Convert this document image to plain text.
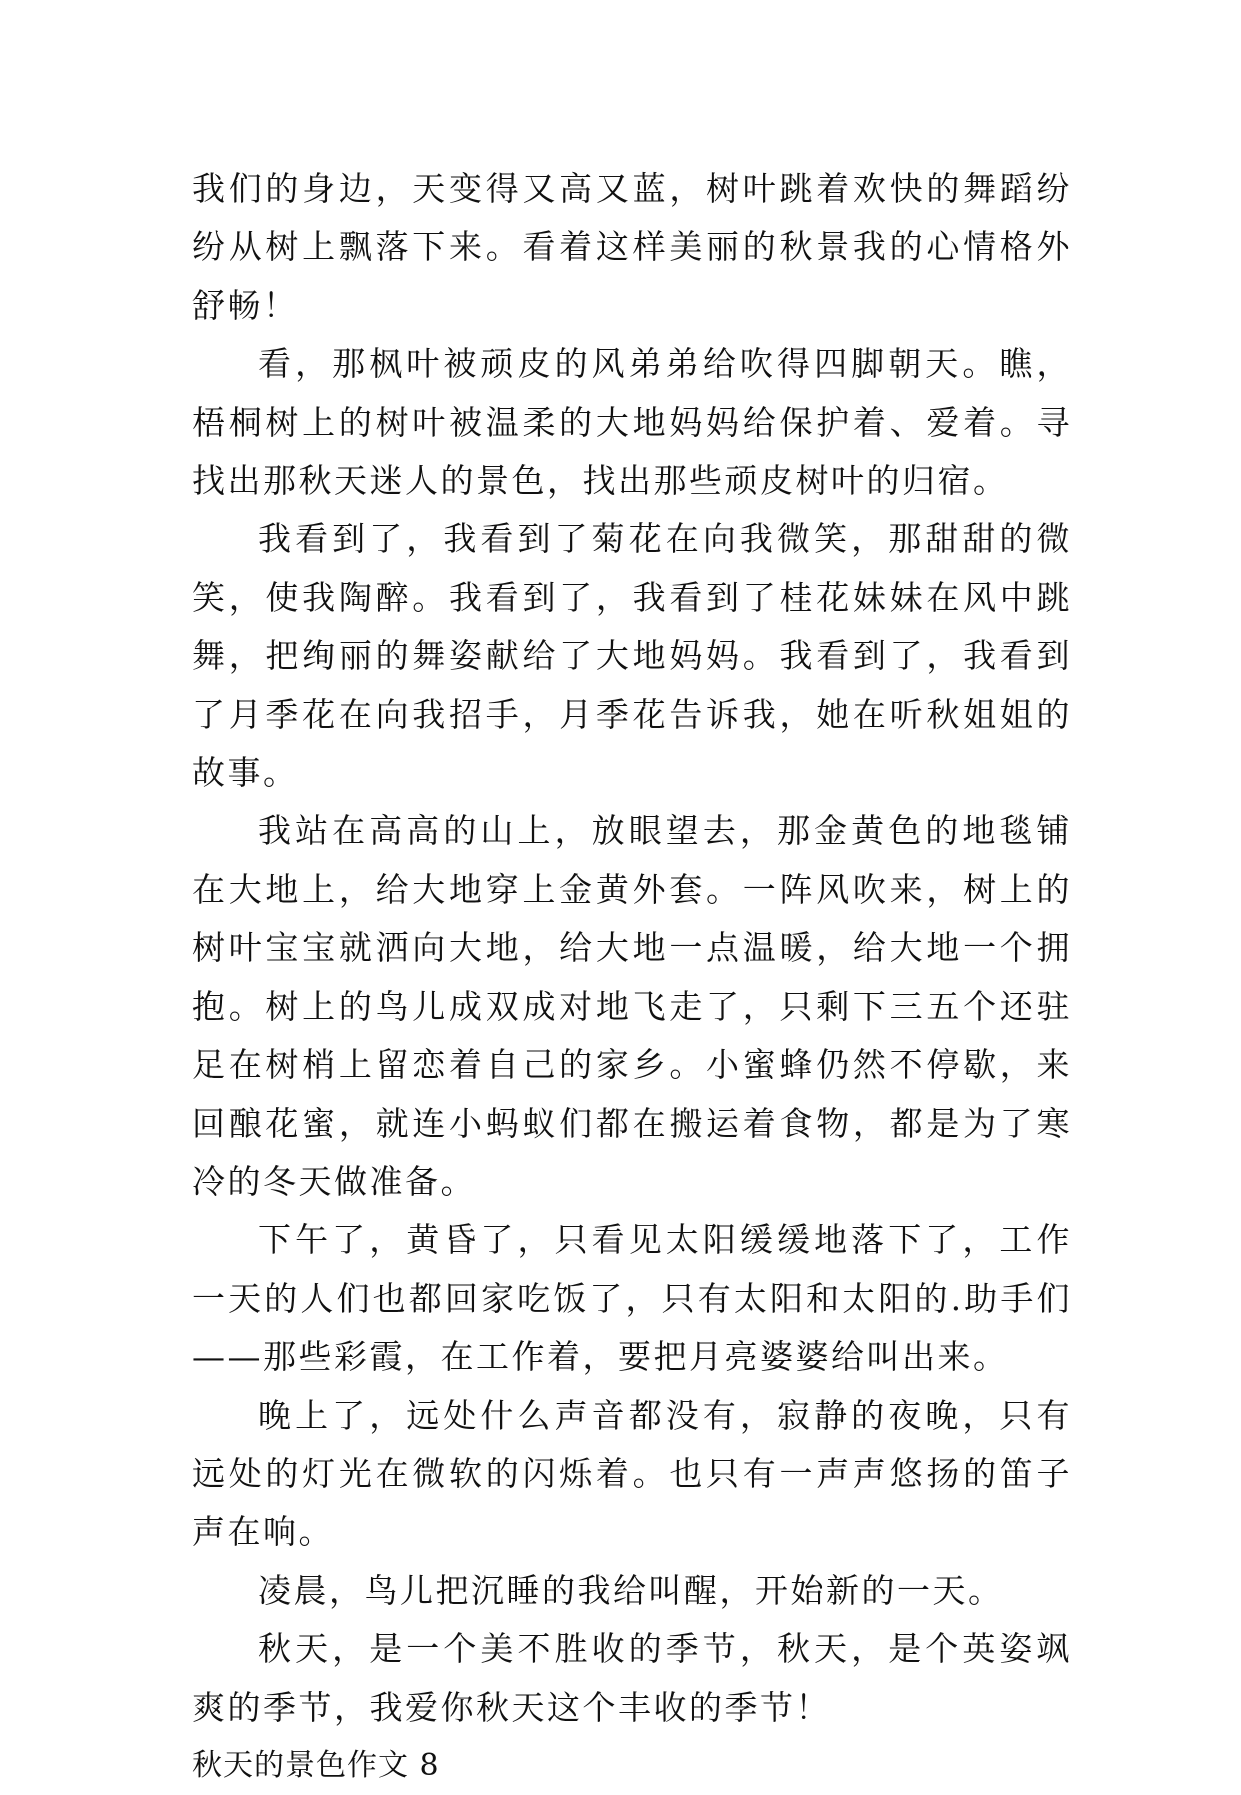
我们的身边，天变得又高又蓝，树叶跳着欢快的舞蹈纷纷从树上飘落下来。看着这样美丽的秋景我的心情格外舒畅！

看，那枫叶被顽皮的风弟弟给吹得四脚朝天。瞧，梧桐树上的树叶被温柔的大地妈妈给保护着、爱着。寻找出那秋天迷人的景色，找出那些顽皮树叶的归宿。

我看到了，我看到了菊花在向我微笑，那甜甜的微笑，使我陶醉。我看到了，我看到了桂花妹妹在风中跳舞，把绚丽的舞姿献给了大地妈妈。我看到了，我看到了月季花在向我招手，月季花告诉我，她在听秋姐姐的故事。

我站在高高的山上，放眼望去，那金黄色的地毯铺在大地上，给大地穿上金黄外套。一阵风吹来，树上的树叶宝宝就洒向大地，给大地一点温暖，给大地一个拥抱。树上的鸟儿成双成对地飞走了，只剩下三五个还驻足在树梢上留恋着自己的家乡。小蜜蜂仍然不停歇，来回酿花蜜，就连小蚂蚁们都在搬运着食物，都是为了寒冷的冬天做准备。

下午了，黄昏了，只看见太阳缓缓地落下了，工作一天的人们也都回家吃饭了，只有太阳和太阳的.助手们——那些彩霞，在工作着，要把月亮婆婆给叫出来。

晚上了，远处什么声音都没有，寂静的夜晚，只有远处的灯光在微软的闪烁着。也只有一声声悠扬的笛子声在响。

凌晨，鸟儿把沉睡的我给叫醒，开始新的一天。

秋天，是一个美不胜收的季节，秋天，是个英姿飒爽的季节，我爱你秋天这个丰收的季节！

秋天的景色作文 8
